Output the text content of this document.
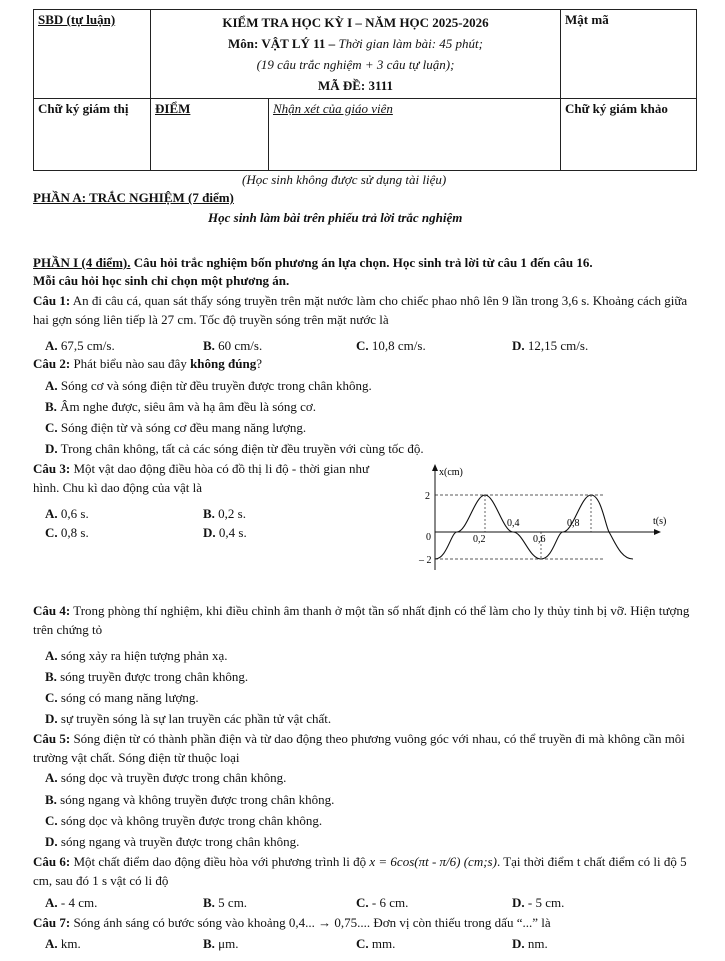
SBD (tự luận)	KIỂM TRA HỌC KỲ I – NĂM HỌC 2025-2026
Môn: VẬT LÝ 11 – Thời gian làm bài: 45 phút;
(19 câu trắc nghiệm + 3 câu tự luận);
MÃ ĐỀ: 3111		Mật mã
Chữ ký giám thị	ĐIỂM	Nhận xét của giáo viên	Chữ ký giám khảo
(Học sinh không được sử dụng tài liệu)
PHẦN A: TRẮC NGHIỆM (7 điểm)
Học sinh làm bài trên phiếu trả lời trắc nghiệm
PHẦN I (4 điểm). Câu hỏi trắc nghiệm bốn phương án lựa chọn. Học sinh trả lời từ câu 1 đến câu 16.
Mỗi câu hỏi học sinh chỉ chọn một phương án.
Câu 1: An đi câu cá, quan sát thấy sóng truyền trên mặt nước làm cho chiếc phao nhô lên 9 lần trong 3,6 s. Khoảng cách giữa hai gợn sóng liên tiếp là 27 cm. Tốc độ truyền sóng trên mặt nước là
A. 67,5 cm/s.	B. 60 cm/s.	C. 10,8 cm/s.	D. 12,15 cm/s.
Câu 2: Phát biểu nào sau đây không đúng?
A. Sóng cơ và sóng điện từ đều truyền được trong chân không.
B. Âm nghe được, siêu âm và hạ âm đều là sóng cơ.
C. Sóng điện từ và sóng cơ đều mang năng lượng.
D. Trong chân không, tất cả các sóng điện từ đều truyền với cùng tốc độ.
Câu 3: Một vật dao động điều hòa có đồ thị li độ - thời gian như hình. Chu kì dao động của vật là
A. 0,6 s.	B. 0,2 s.
C. 0,8 s.	D. 0,4 s.
x(cm)
t(s)
2
– 2
0	0,2
0,4
0,6
0,8
Câu 4: Trong phòng thí nghiệm, khi điều chỉnh âm thanh ở một tần số nhất định có thể làm cho ly thủy tinh bị vỡ. Hiện tượng trên chứng tỏ
A. sóng xảy ra hiện tượng phản xạ.
B. sóng truyền được trong chân không.
C. sóng có mang năng lượng.
D. sự truyền sóng là sự lan truyền các phần tử vật chất.
Câu 5: Sóng điện từ có thành phần điện và từ dao động theo phương vuông góc với nhau, có thể truyền đi mà không cần môi trường vật chất. Sóng điện từ thuộc loại
A. sóng dọc và truyền được trong chân không.
B. sóng ngang và không truyền được trong chân không.
C. sóng dọc và không truyền được trong chân không.
D. sóng ngang và truyền được trong chân không.
Câu 6: Một chất điểm dao động điều hòa với phương trình li độ x = 6cos(πt - π/6) (cm;s). Tại thời điểm t chất điểm có li độ 5 cm, sau đó 1 s vật có li độ
A. - 4 cm.	B. 5 cm.	C. - 6 cm.	D. - 5 cm.
Câu 7: Sóng ánh sáng có bước sóng vào khoảng 0,4... → 0,75.... Đơn vị còn thiếu trong dấu “...” là
A. km.	B. μm.	C. mm.	D. nm.
